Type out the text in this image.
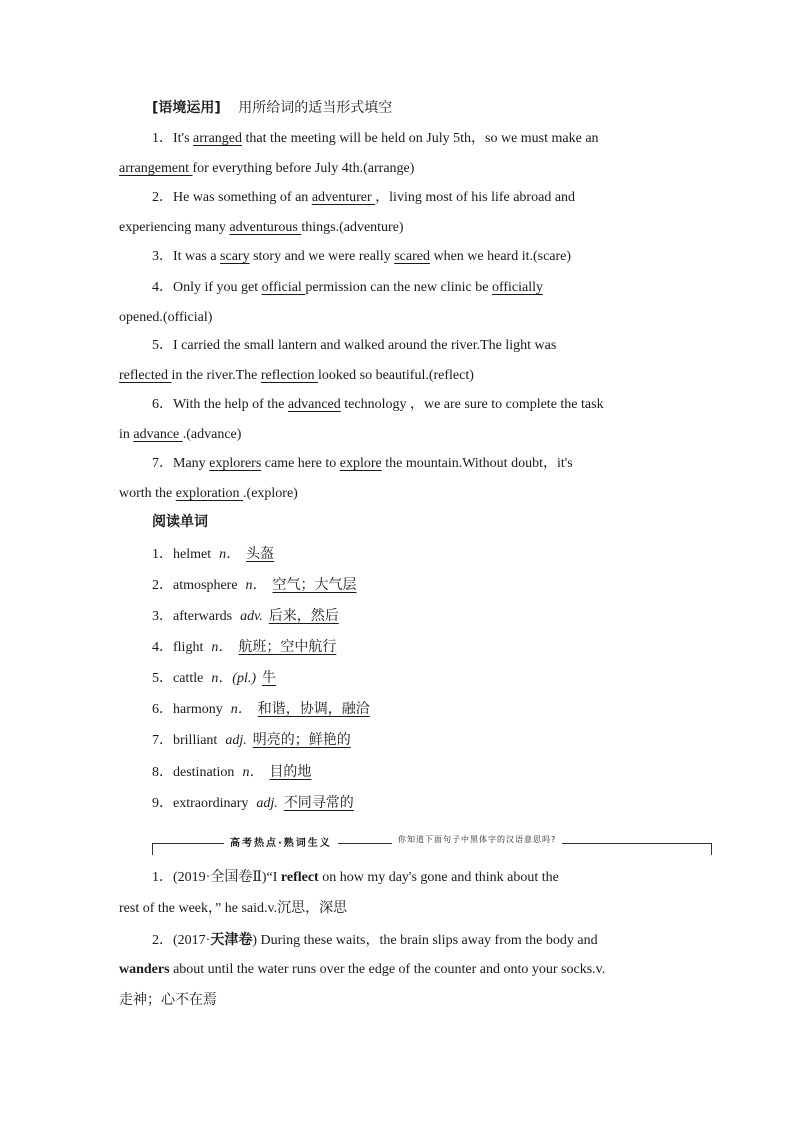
[语境运用] 用所给词的适当形式填空
1．It's arranged that the meeting will be held on July 5th，so we must make an
arrangement for everything before July 4th.(arrange)
2．He was something of an adventurer ，living most of his life abroad and
experiencing many adventurous things.(adventure)
3．It was a scary story and we were really scared when we heard it.(scare)
4．Only if you get official permission can the new clinic be officially
opened.(official)
5．I carried the small lantern and walked around the river.The light was
reflected in the river.The reflection looked so beautiful.(reflect)
6．With the help of the advanced technology ，we are sure to complete the task
in advance .(advance)
7．Many explorers came here to explore the mountain.Without doubt，it's
worth the exploration .(explore)
阅读单词
1．helmet n． 头盔
2．atmosphere n． 空气；大气层
3．afterwards adv. 后来，然后
4．flight n． 航班；空中航行
5．cattle n．(pl.) 牛
6．harmony n． 和谐，协调，融洽
7．brilliant adj. 明亮的；鲜艳的
8．destination n． 目的地
9．extraordinary adj. 不同寻常的
高考热点·熟词生义	你知道下面句子中黑体字的汉语意思吗?
1．(2019·全国卷Ⅱ)“I reflect on how my day's gone and think about the
rest of the week，” he said.v.沉思，深思
2．(2017·天津卷) During these waits，the brain slips away from the body and
wanders about until the water runs over the edge of the counter and onto your socks.v.
走神；心不在焉
